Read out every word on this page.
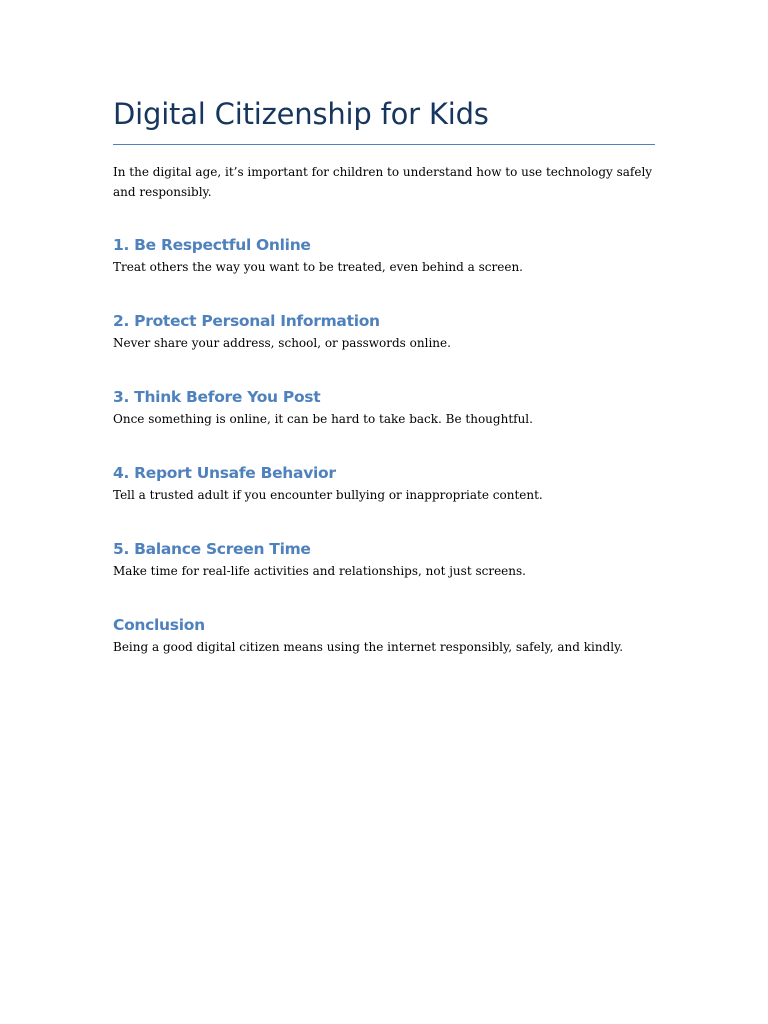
Digital Citizenship for Kids

In the digital age, it’s important for children to understand how to use technology safely and responsibly.

1. Be Respectful Online

Treat others the way you want to be treated, even behind a screen.

2. Protect Personal Information

Never share your address, school, or passwords online.

3. Think Before You Post

Once something is online, it can be hard to take back. Be thoughtful.

4. Report Unsafe Behavior

Tell a trusted adult if you encounter bullying or inappropriate content.

5. Balance Screen Time

Make time for real-life activities and relationships, not just screens.

Conclusion

Being a good digital citizen means using the internet responsibly, safely, and kindly.
